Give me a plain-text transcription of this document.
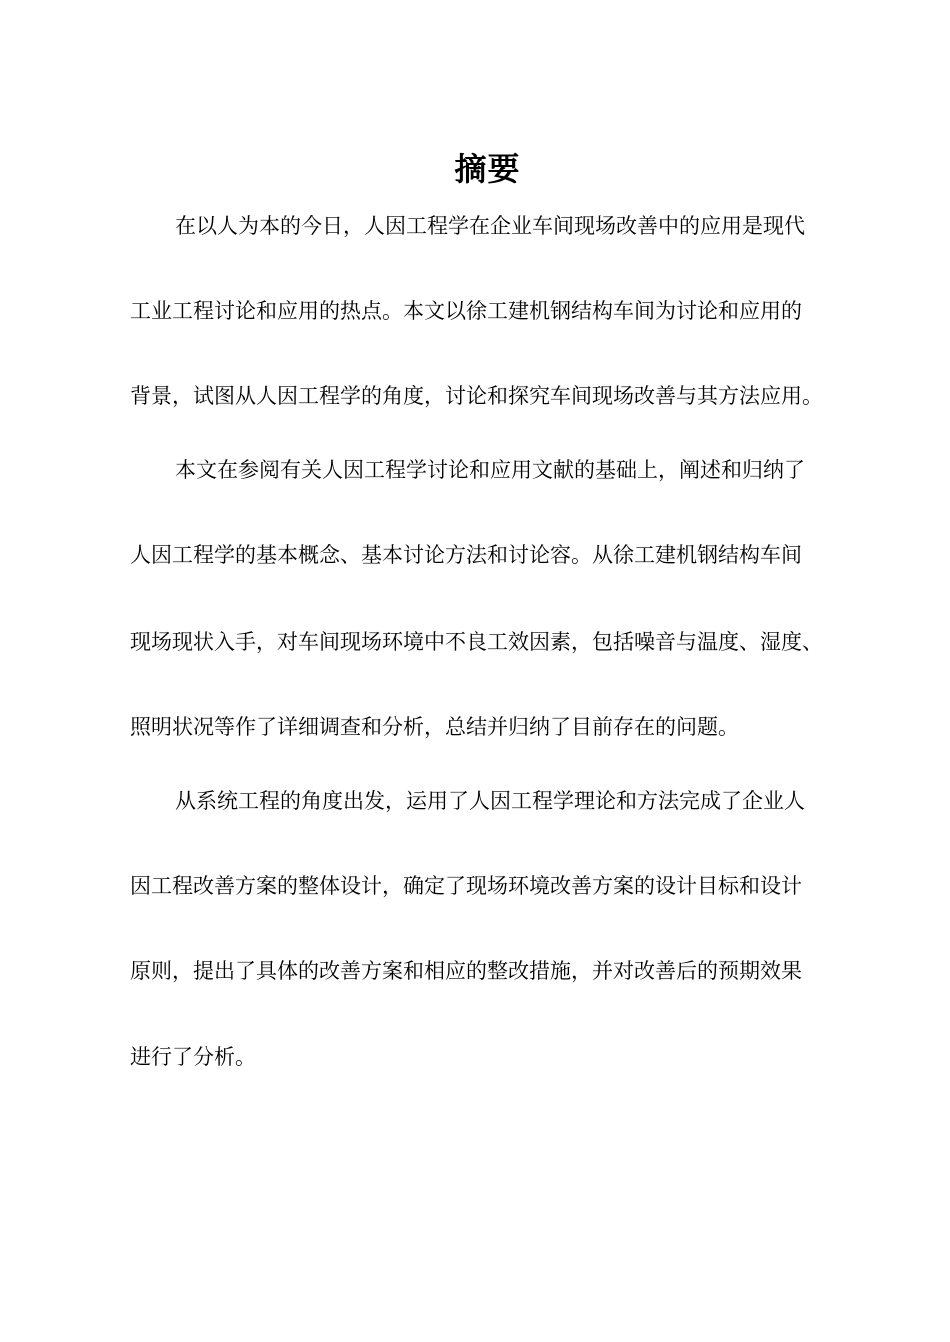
摘要
在以人为本的今日，人因工程学在企业车间现场改善中的应用是现代
工业工程讨论和应用的热点。本文以徐工建机钢结构车间为讨论和应用的
背景，试图从人因工程学的角度，讨论和探究车间现场改善与其方法应用。
本文在参阅有关人因工程学讨论和应用文献的基础上，阐述和归纳了
人因工程学的基本概念、基本讨论方法和讨论容。从徐工建机钢结构车间
现场现状入手，对车间现场环境中不良工效因素，包括噪音与温度、湿度、
照明状况等作了详细调查和分析，总结并归纳了目前存在的问题。
从系统工程的角度出发，运用了人因工程学理论和方法完成了企业人
因工程改善方案的整体设计，确定了现场环境改善方案的设计目标和设计
原则，提出了具体的改善方案和相应的整改措施，并对改善后的预期效果
进行了分析。
